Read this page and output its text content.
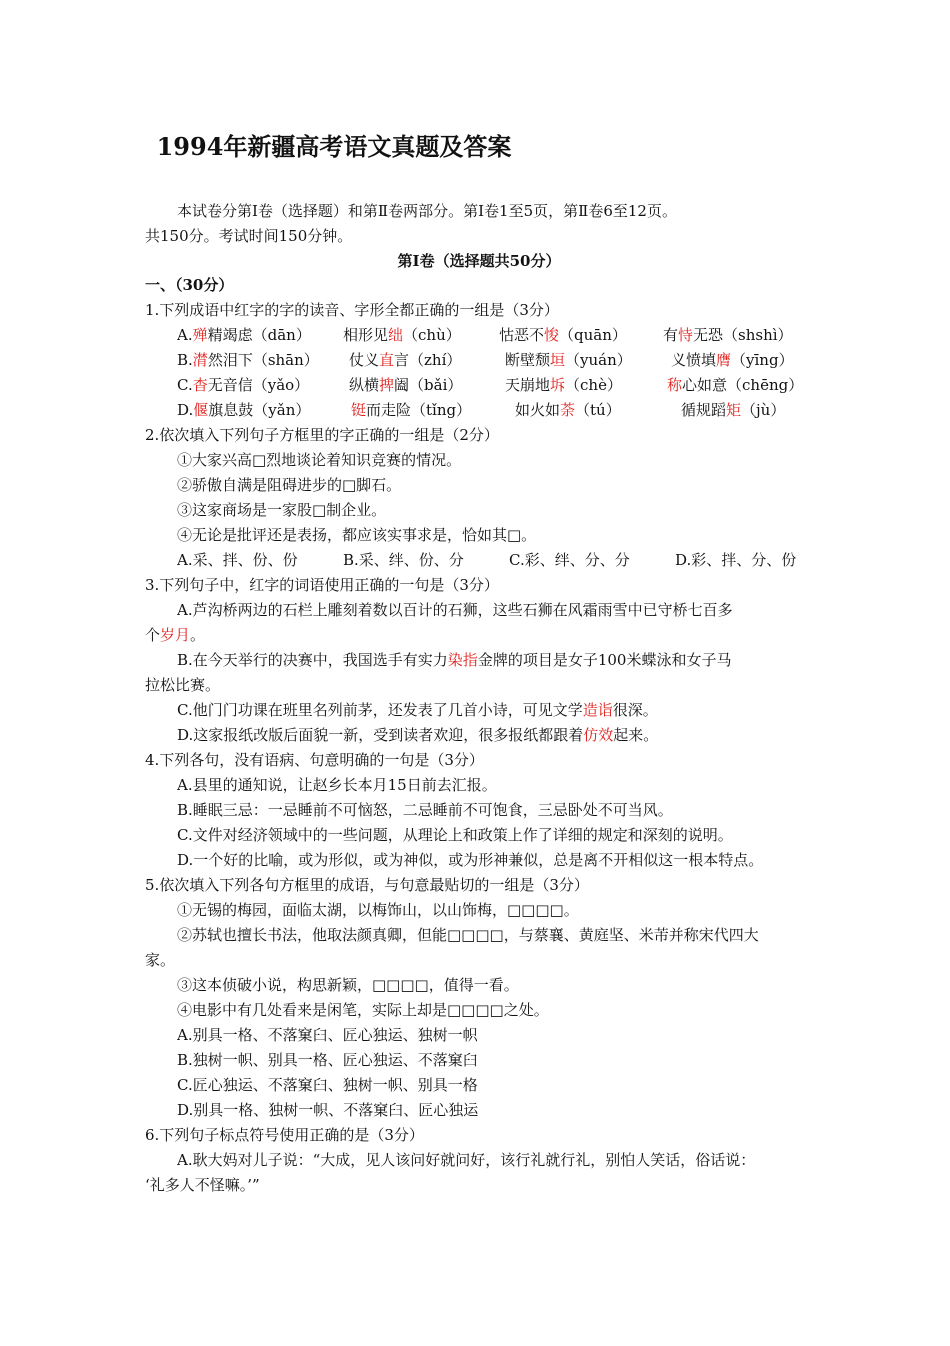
1994年新疆高考语文真题及答案
本试卷分第Ⅰ卷（选择题）和第Ⅱ卷两部分。第Ⅰ卷1至5页，第Ⅱ卷6至12页。
共150分。考试时间150分钟。
第Ⅰ卷（选择题共50分）
一、（30分）
1.下列成语中红字的字的读音、字形全都正确的一组是（3分）
A.殚精竭虑（dān）	相形见绌（chù）	怙恶不悛（quān）	有恃无恐（shshì）
B.潸然泪下（shān）	仗义直言（zhí）	断壁颓垣（yuán）	义愤填膺（yīng）
C.杳无音信（yǎo）	纵横捭阖（bǎi）	天崩地坼（chè）	称心如意（chēng）
D.偃旗息鼓（yǎn）	铤而走险（tǐng）	如火如荼（tú）	循规蹈矩（jù）
2.依次填入下列句子方框里的字正确的一组是（2分）
①大家兴高□烈地谈论着知识竞赛的情况。
②骄傲自满是阻碍进步的□脚石。
③这家商场是一家股□制企业。
④无论是批评还是表扬，都应该实事求是，恰如其□。
A.采、拌、份、份	B.采、绊、份、分	C.彩、绊、分、分	D.彩、拌、分、份
3.下列句子中，红字的词语使用正确的一句是（3分）
A.芦沟桥两边的石栏上雕刻着数以百计的石狮，这些石狮在风霜雨雪中已守桥七百多
个岁月。
B.在今天举行的决赛中，我国选手有实力染指金牌的项目是女子100米蝶泳和女子马
拉松比赛。
C.他门门功课在班里名列前茅，还发表了几首小诗，可见文学造诣很深。
D.这家报纸改版后面貌一新，受到读者欢迎，很多报纸都跟着仿效起来。
4.下列各句，没有语病、句意明确的一句是（3分）
A.县里的通知说，让赵乡长本月15日前去汇报。
B.睡眠三忌：一忌睡前不可恼怒，二忌睡前不可饱食，三忌卧处不可当风。
C.文件对经济领域中的一些问题，从理论上和政策上作了详细的规定和深刻的说明。
D.一个好的比喻，或为形似，或为神似，或为形神兼似，总是离不开相似这一根本特点。
5.依次填入下列各句方框里的成语，与句意最贴切的一组是（3分）
①无锡的梅园，面临太湖，以梅饰山，以山饰梅，□□□□。
②苏轼也擅长书法，他取法颜真卿，但能□□□□，与蔡襄、黄庭坚、米芾并称宋代四大
家。
③这本侦破小说，构思新颖，□□□□，值得一看。
④电影中有几处看来是闲笔，实际上却是□□□□之处。
A.别具一格、不落窠臼、匠心独运、独树一帜
B.独树一帜、别具一格、匠心独运、不落窠臼
C.匠心独运、不落窠臼、独树一帜、别具一格
D.别具一格、独树一帜、不落窠臼、匠心独运
6.下列句子标点符号使用正确的是（3分）
A.耿大妈对儿子说：“大成，见人该问好就问好，该行礼就行礼，别怕人笑话，俗话说：
‘礼多人不怪嘛。’”
